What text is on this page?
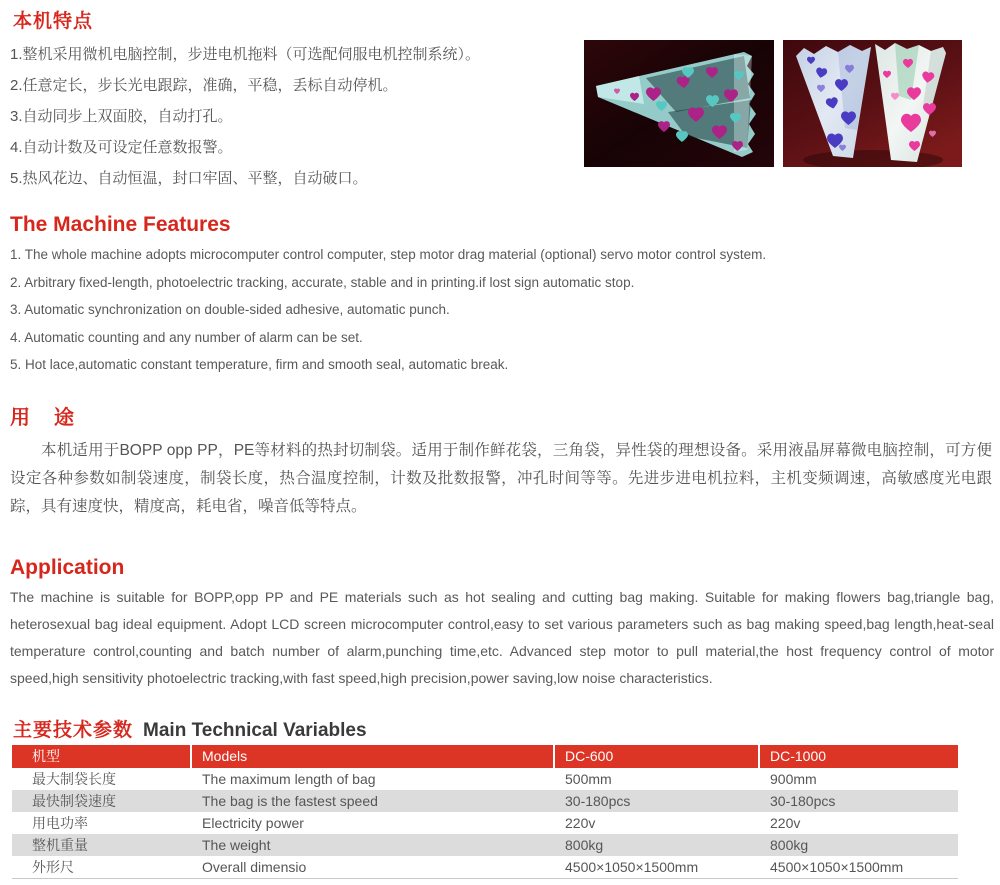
本机特点

1.整机采用微机电脑控制，步进电机拖料（可选配伺服电机控制系统）。

2.任意定长，步长光电跟踪，准确，平稳，丢标自动停机。

3.自动同步上双面胶，自动打孔。

4.自动计数及可设定任意数报警。

5.热风花边、自动恒温，封口牢固、平整，自动破口。

The Machine Features

1. The whole machine adopts microcomputer control computer, step motor drag material (optional) servo motor control system.

2. Arbitrary fixed-length, photoelectric tracking, accurate, stable and in printing.if lost sign automatic stop.

3. Automatic synchronization on double-sided adhesive, automatic punch.

4. Automatic counting and any number of alarm can be set.

5. Hot lace,automatic constant temperature, firm and smooth seal, automatic break.

用　途

本机适用于BOPP opp PP，PE等材料的热封切制袋。适用于制作鲜花袋，三角袋，异性袋的理想设备。采用液晶屏幕微电脑控制，可方便设定各种参数如制袋速度，制袋长度，热合温度控制，计数及批数报警，冲孔时间等等。先进步进电机拉料，主机变频调速，高敏感度光电跟踪，具有速度快，精度高，耗电省，噪音低等特点。

Application

The machine is suitable for BOPP,opp PP and PE materials such as hot sealing and cutting bag making. Suitable for making flowers bag,triangle bag, heterosexual bag ideal equipment. Adopt LCD screen microcomputer control,easy to set various parameters such as bag making speed,bag length,heat-seal temperature control,counting and batch number of alarm,punching time,etc. Advanced step motor to pull material,the host frequency control of motor speed,high sensitivity photoelectric tracking,with fast speed,high precision,power saving,low noise characteristics.

主要技术参数 Main Technical Variables
机型	Models	DC-600	DC-1000
最大制袋长度	The maximum length of bag	500mm	900mm
最快制袋速度	The bag is the fastest speed	30-180pcs	30-180pcs
用电功率	Electricity power	220v	220v
整机重量	The weight	800kg	800kg
外形尺	Overall dimensio	4500×1050×1500mm	4500×1050×1500mm
